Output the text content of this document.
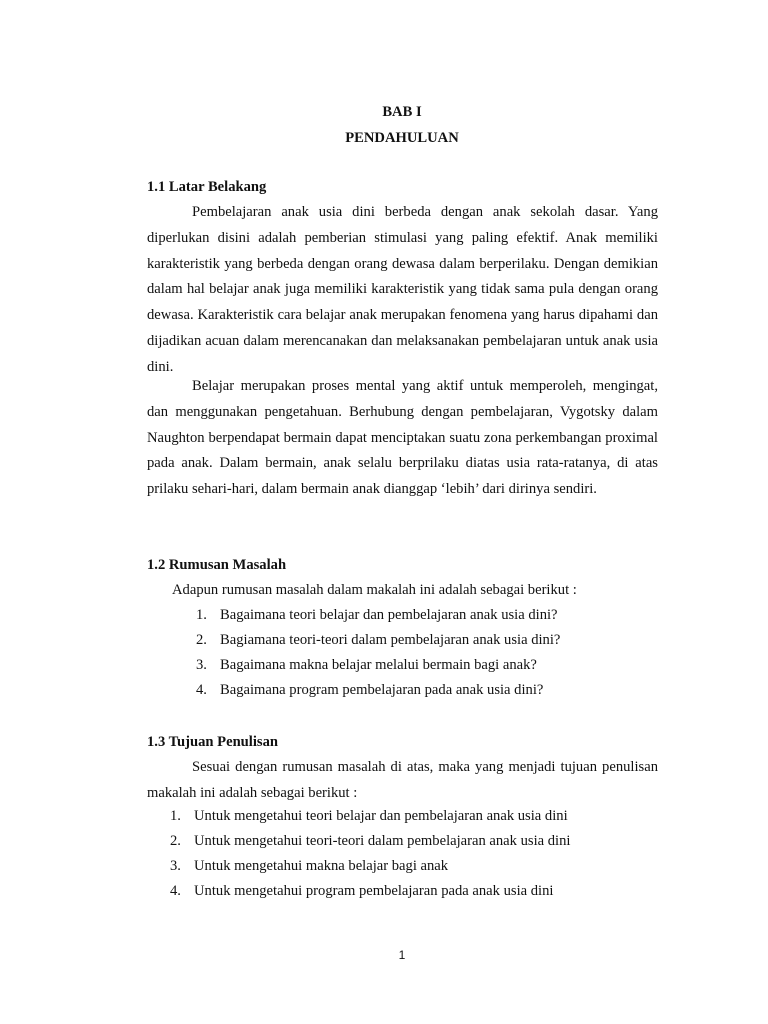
BAB I
PENDAHULUAN
1.1 Latar Belakang

Pembelajaran anak usia dini berbeda dengan anak sekolah dasar. Yang diperlukan disini adalah pemberian stimulasi yang paling efektif. Anak memiliki karakteristik yang berbeda dengan orang dewasa dalam berperilaku. Dengan demikian dalam hal belajar anak juga memiliki karakteristik yang tidak sama pula dengan orang dewasa. Karakteristik cara belajar anak merupakan fenomena yang harus dipahami dan dijadikan acuan dalam merencanakan dan melaksanakan pembelajaran untuk anak usia dini.

Belajar merupakan proses mental yang aktif untuk memperoleh, mengingat, dan menggunakan pengetahuan. Berhubung dengan pembelajaran, Vygotsky dalam Naughton berpendapat bermain dapat menciptakan suatu zona perkembangan proximal pada anak. Dalam bermain, anak selalu berprilaku diatas usia rata-ratanya, di atas prilaku sehari-hari, dalam bermain anak dianggap ‘lebih’ dari dirinya sendiri.

1.2 Rumusan Masalah
Adapun rumusan masalah dalam makalah ini adalah sebagai berikut :
1. Bagaimana teori belajar dan pembelajaran anak usia dini?
2. Bagiamana teori-teori dalam pembelajaran anak usia dini?
3. Bagaimana makna belajar melalui bermain bagi anak?
4. Bagaimana program pembelajaran pada anak usia dini?
1.3 Tujuan Penulisan

Sesuai dengan rumusan masalah di atas, maka yang menjadi tujuan penulisan makalah ini adalah sebagai berikut :

1. Untuk mengetahui teori belajar dan pembelajaran anak usia dini
2. Untuk mengetahui teori-teori dalam pembelajaran anak usia dini
3. Untuk mengetahui makna belajar bagi anak
4. Untuk mengetahui program pembelajaran pada anak usia dini
1
